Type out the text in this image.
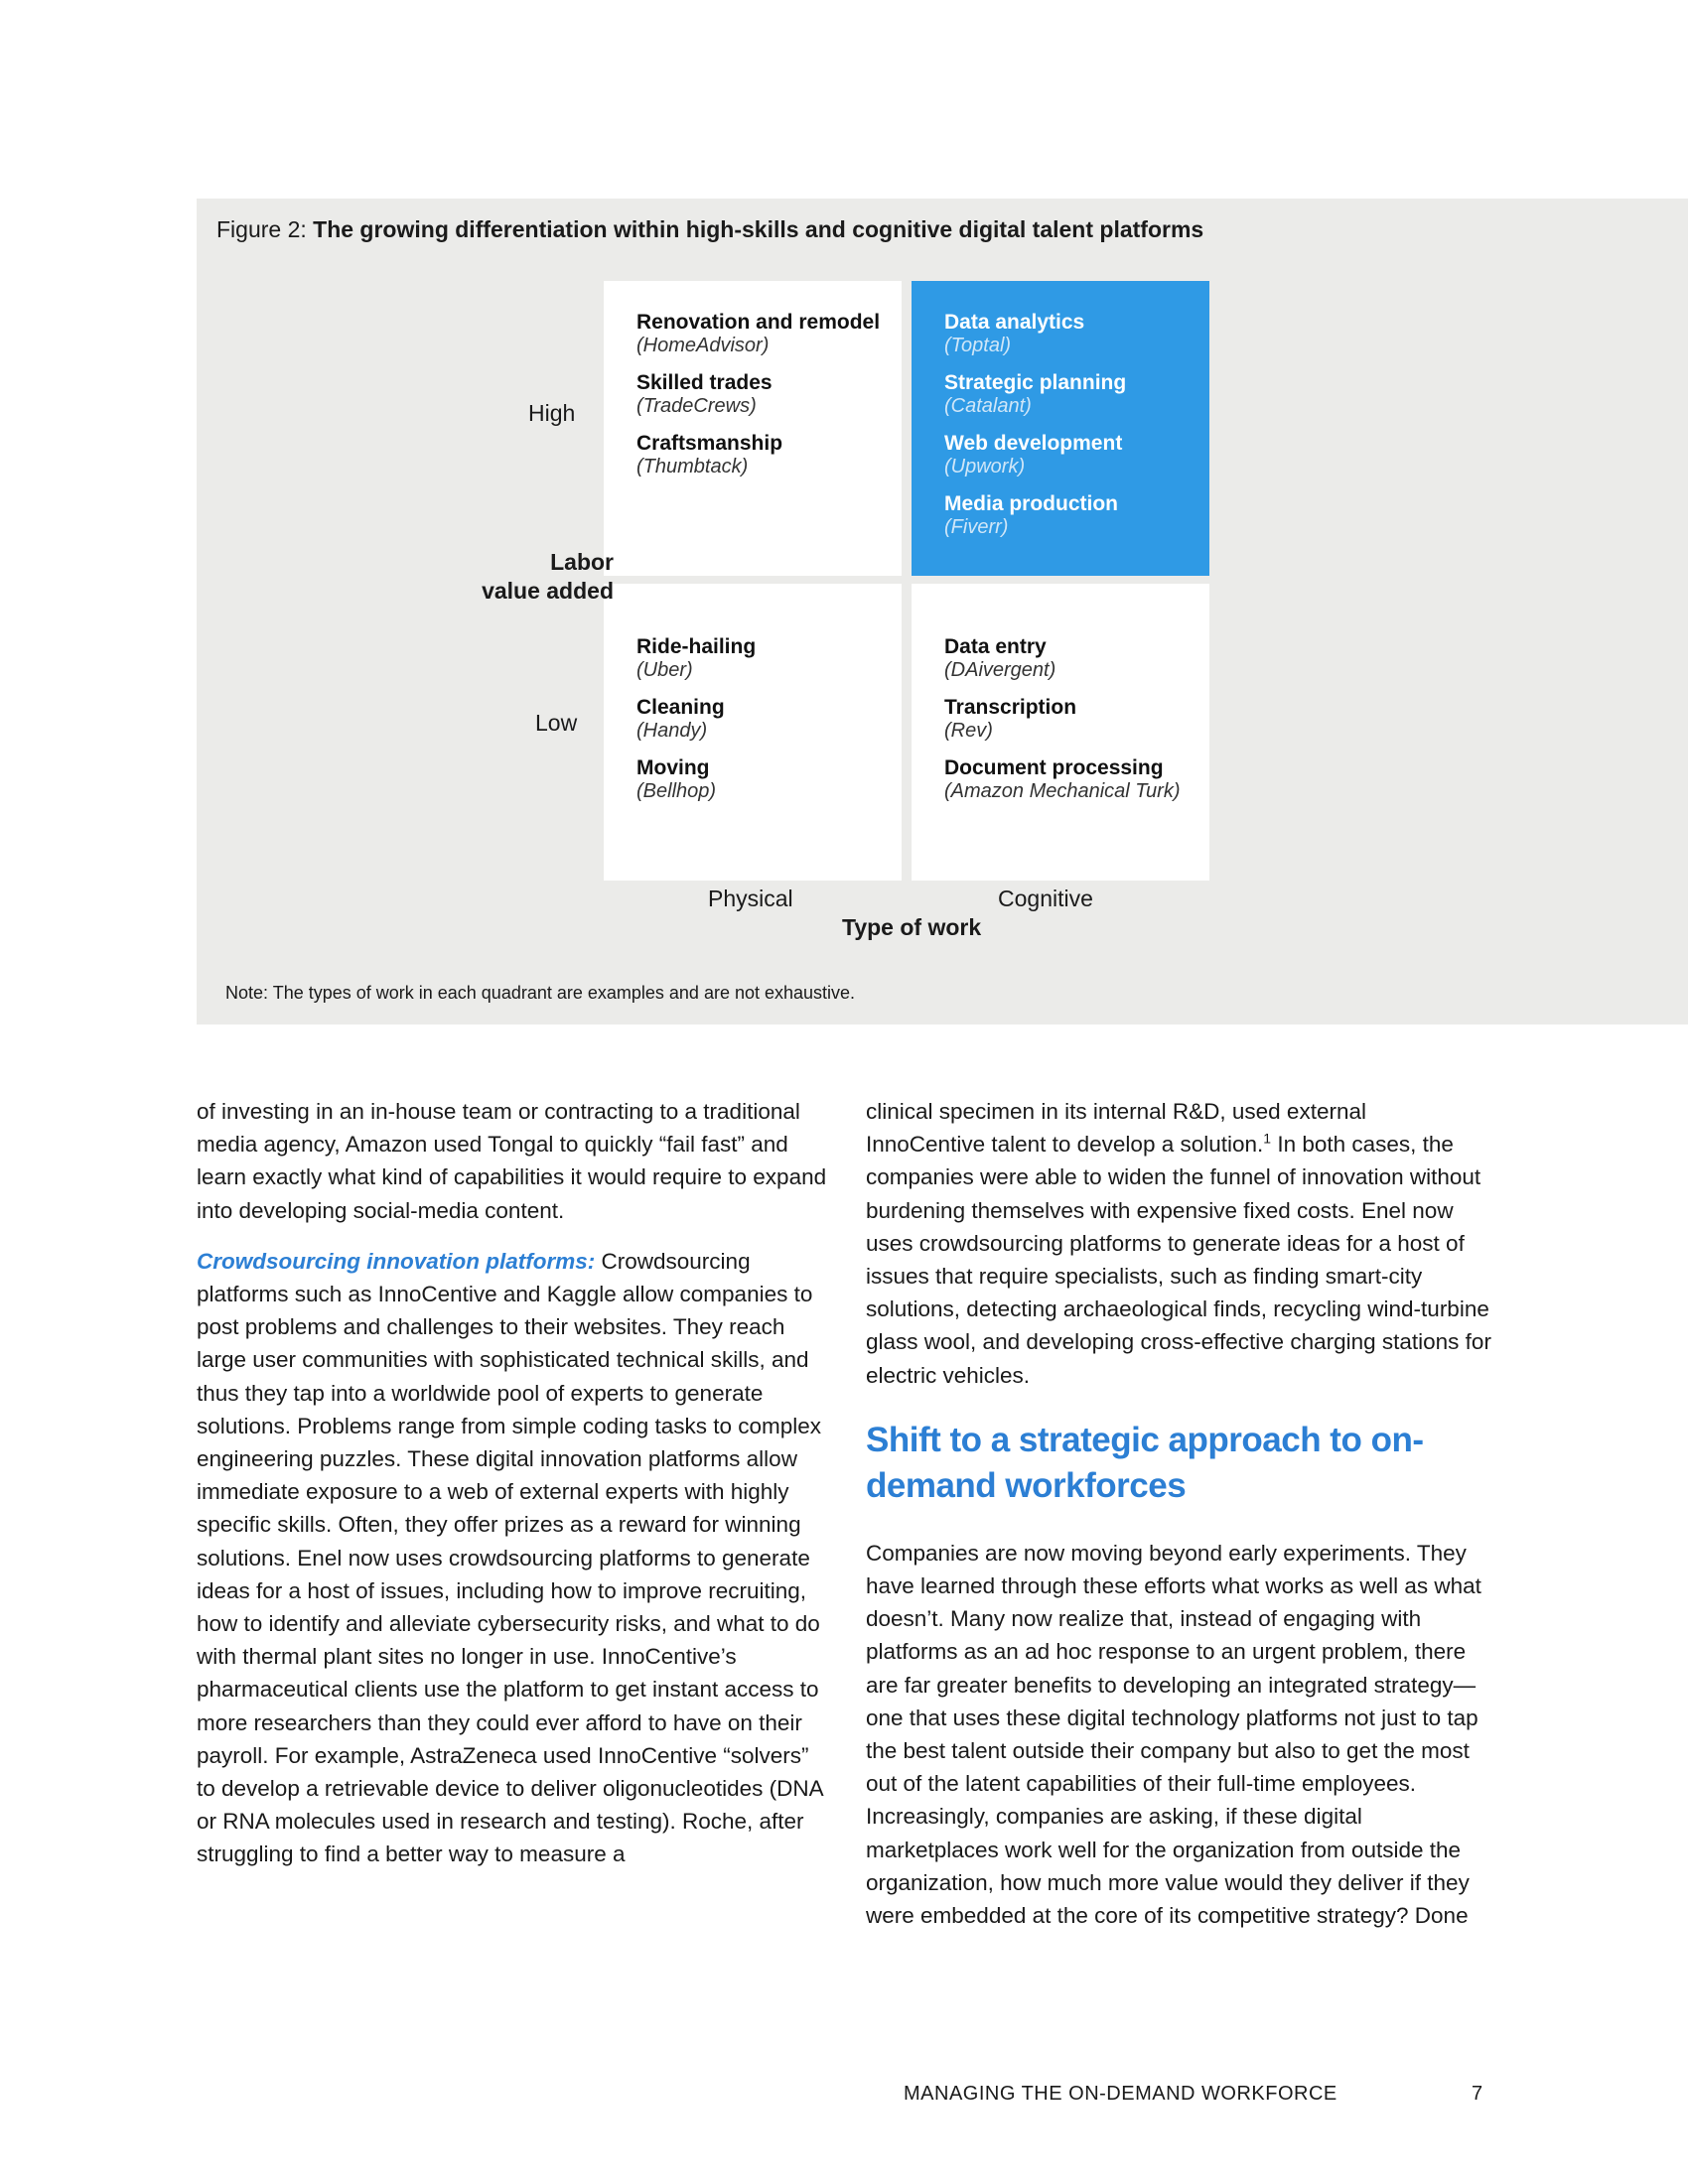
Figure 2: The growing differentiation within high-skills and cognitive digital talent platforms
Renovation and remodel
(HomeAdvisor)
Skilled trades
(TradeCrews)
Craftsmanship
(Thumbtack)
Data analytics
(Toptal)
Strategic planning
(Catalant)
Web development
(Upwork)
Media production
(Fiverr)
Ride-hailing
(Uber)
Cleaning
(Handy)
Moving
(Bellhop)
Data entry
(DAivergent)
Transcription
(Rev)
Document processing
(Amazon Mechanical Turk)
High
Low
Labor
value added
Physical	Cognitive
Type of work
Note: The types of work in each quadrant are examples and are not exhaustive.

of investing in an in-house team or contracting to a traditional media agency, Amazon used Tongal to quickly “fail fast” and learn exactly what kind of capabilities it would require to expand into developing social-media content.

Crowdsourcing innovation platforms: Crowdsourcing platforms such as InnoCentive and Kaggle allow companies to post problems and challenges to their websites. They reach large user communities with sophisticated technical skills, and thus they tap into a worldwide pool of experts to generate solutions. Problems range from simple coding tasks to complex engineering puzzles. These digital innovation platforms allow immediate exposure to a web of external experts with highly specific skills. Often, they offer prizes as a reward for winning solutions. Enel now uses crowdsourcing platforms to generate ideas for a host of issues, including how to improve recruiting, how to identify and alleviate cybersecurity risks, and what to do with thermal plant sites no longer in use. InnoCentive’s pharmaceutical clients use the platform to get instant access to more researchers than they could ever afford to have on their payroll. For example, AstraZeneca used InnoCentive “solvers” to develop a retrievable device to deliver oligonucleotides (DNA or RNA molecules used in research and testing). Roche, after struggling to find a better way to measure a

clinical specimen in its internal R&D, used external InnoCentive talent to develop a solution.$^1$ In both cases, the companies were able to widen the funnel of innovation without burdening themselves with expensive fixed costs. Enel now uses crowdsourcing platforms to generate ideas for a host of issues that require specialists, such as finding smart-city solutions, detecting archaeological finds, recycling wind-turbine glass wool, and developing cross-effective charging stations for electric vehicles.

Shift to a strategic approach to on-demand workforces

Companies are now moving beyond early experiments. They have learned through these efforts what works as well as what doesn’t. Many now realize that, instead of engaging with platforms as an ad hoc response to an urgent problem, there are far greater benefits to developing an integrated strategy—one that uses these digital technology platforms not just to tap the best talent outside their company but also to get the most out of the latent capabilities of their full-time employees. Increasingly, companies are asking, if these digital marketplaces work well for the organization from outside the organization, how much more value would they deliver if they were embedded at the core of its competitive strategy? Done

MANAGING THE ON-DEMAND WORKFORCE	7
